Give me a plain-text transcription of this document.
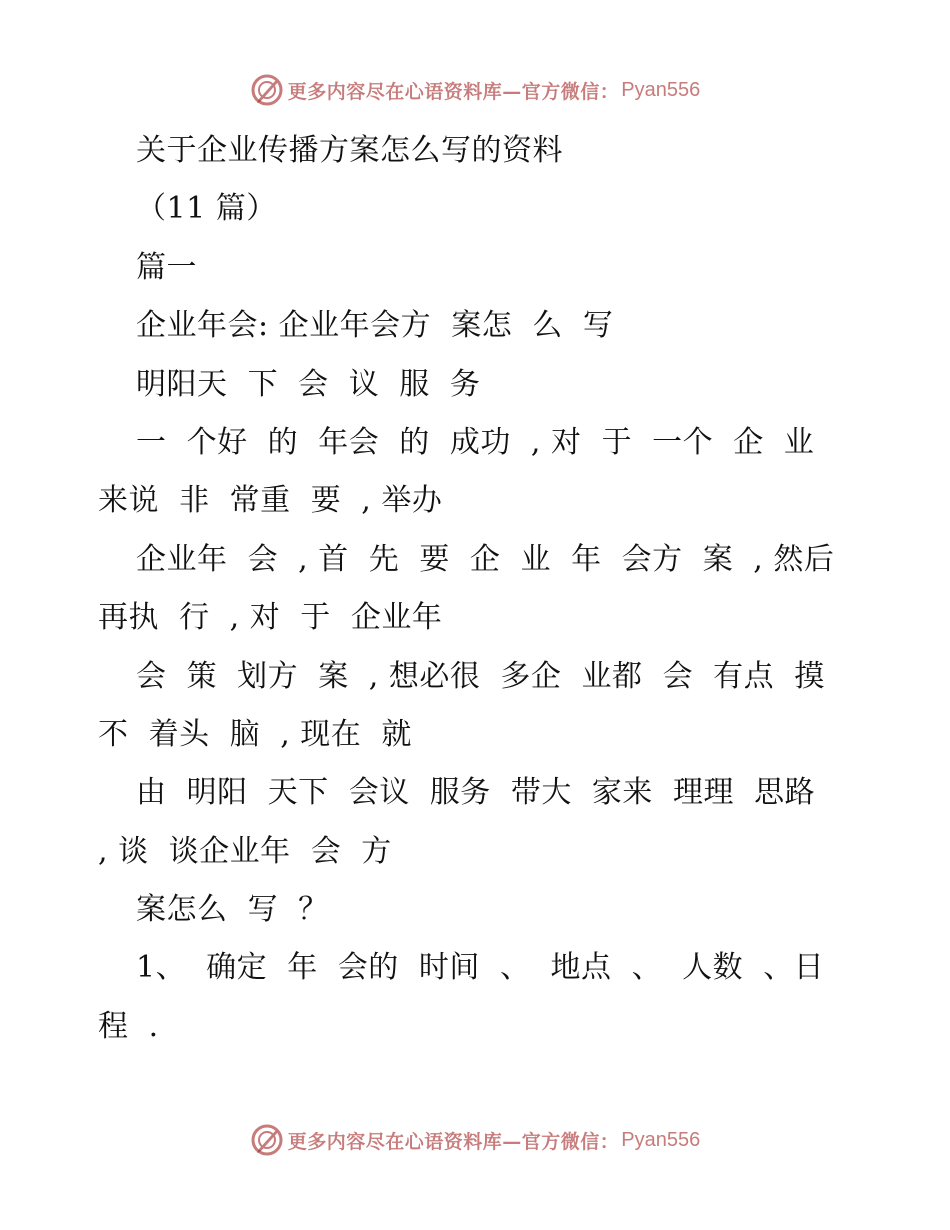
更多内容尽在心语资料库—官方微信： Pyan556
关于企业传播方案怎么写的资料
（11 篇）
篇一
企业年会: 企业年会方  案怎  么  写
明阳天  下  会  议  服  务
一  个好  的  年会  的  成功  , 对  于  一个  企  业
来说  非  常重  要  , 举办
企业年  会  , 首  先  要  企  业  年  会方  案  , 然后
再执  行  , 对  于  企业年
会  策  划方  案  , 想必很  多企  业都  会  有点  摸
不  着头  脑  , 现在  就
由  明阳  天下  会议  服务  带大  家来  理理  思路
, 谈  谈企业年  会  方
案怎么  写  ？
1、  确定  年  会的  时间  、  地点  、  人数  、日
程  .
更多内容尽在心语资料库—官方微信： Pyan556
